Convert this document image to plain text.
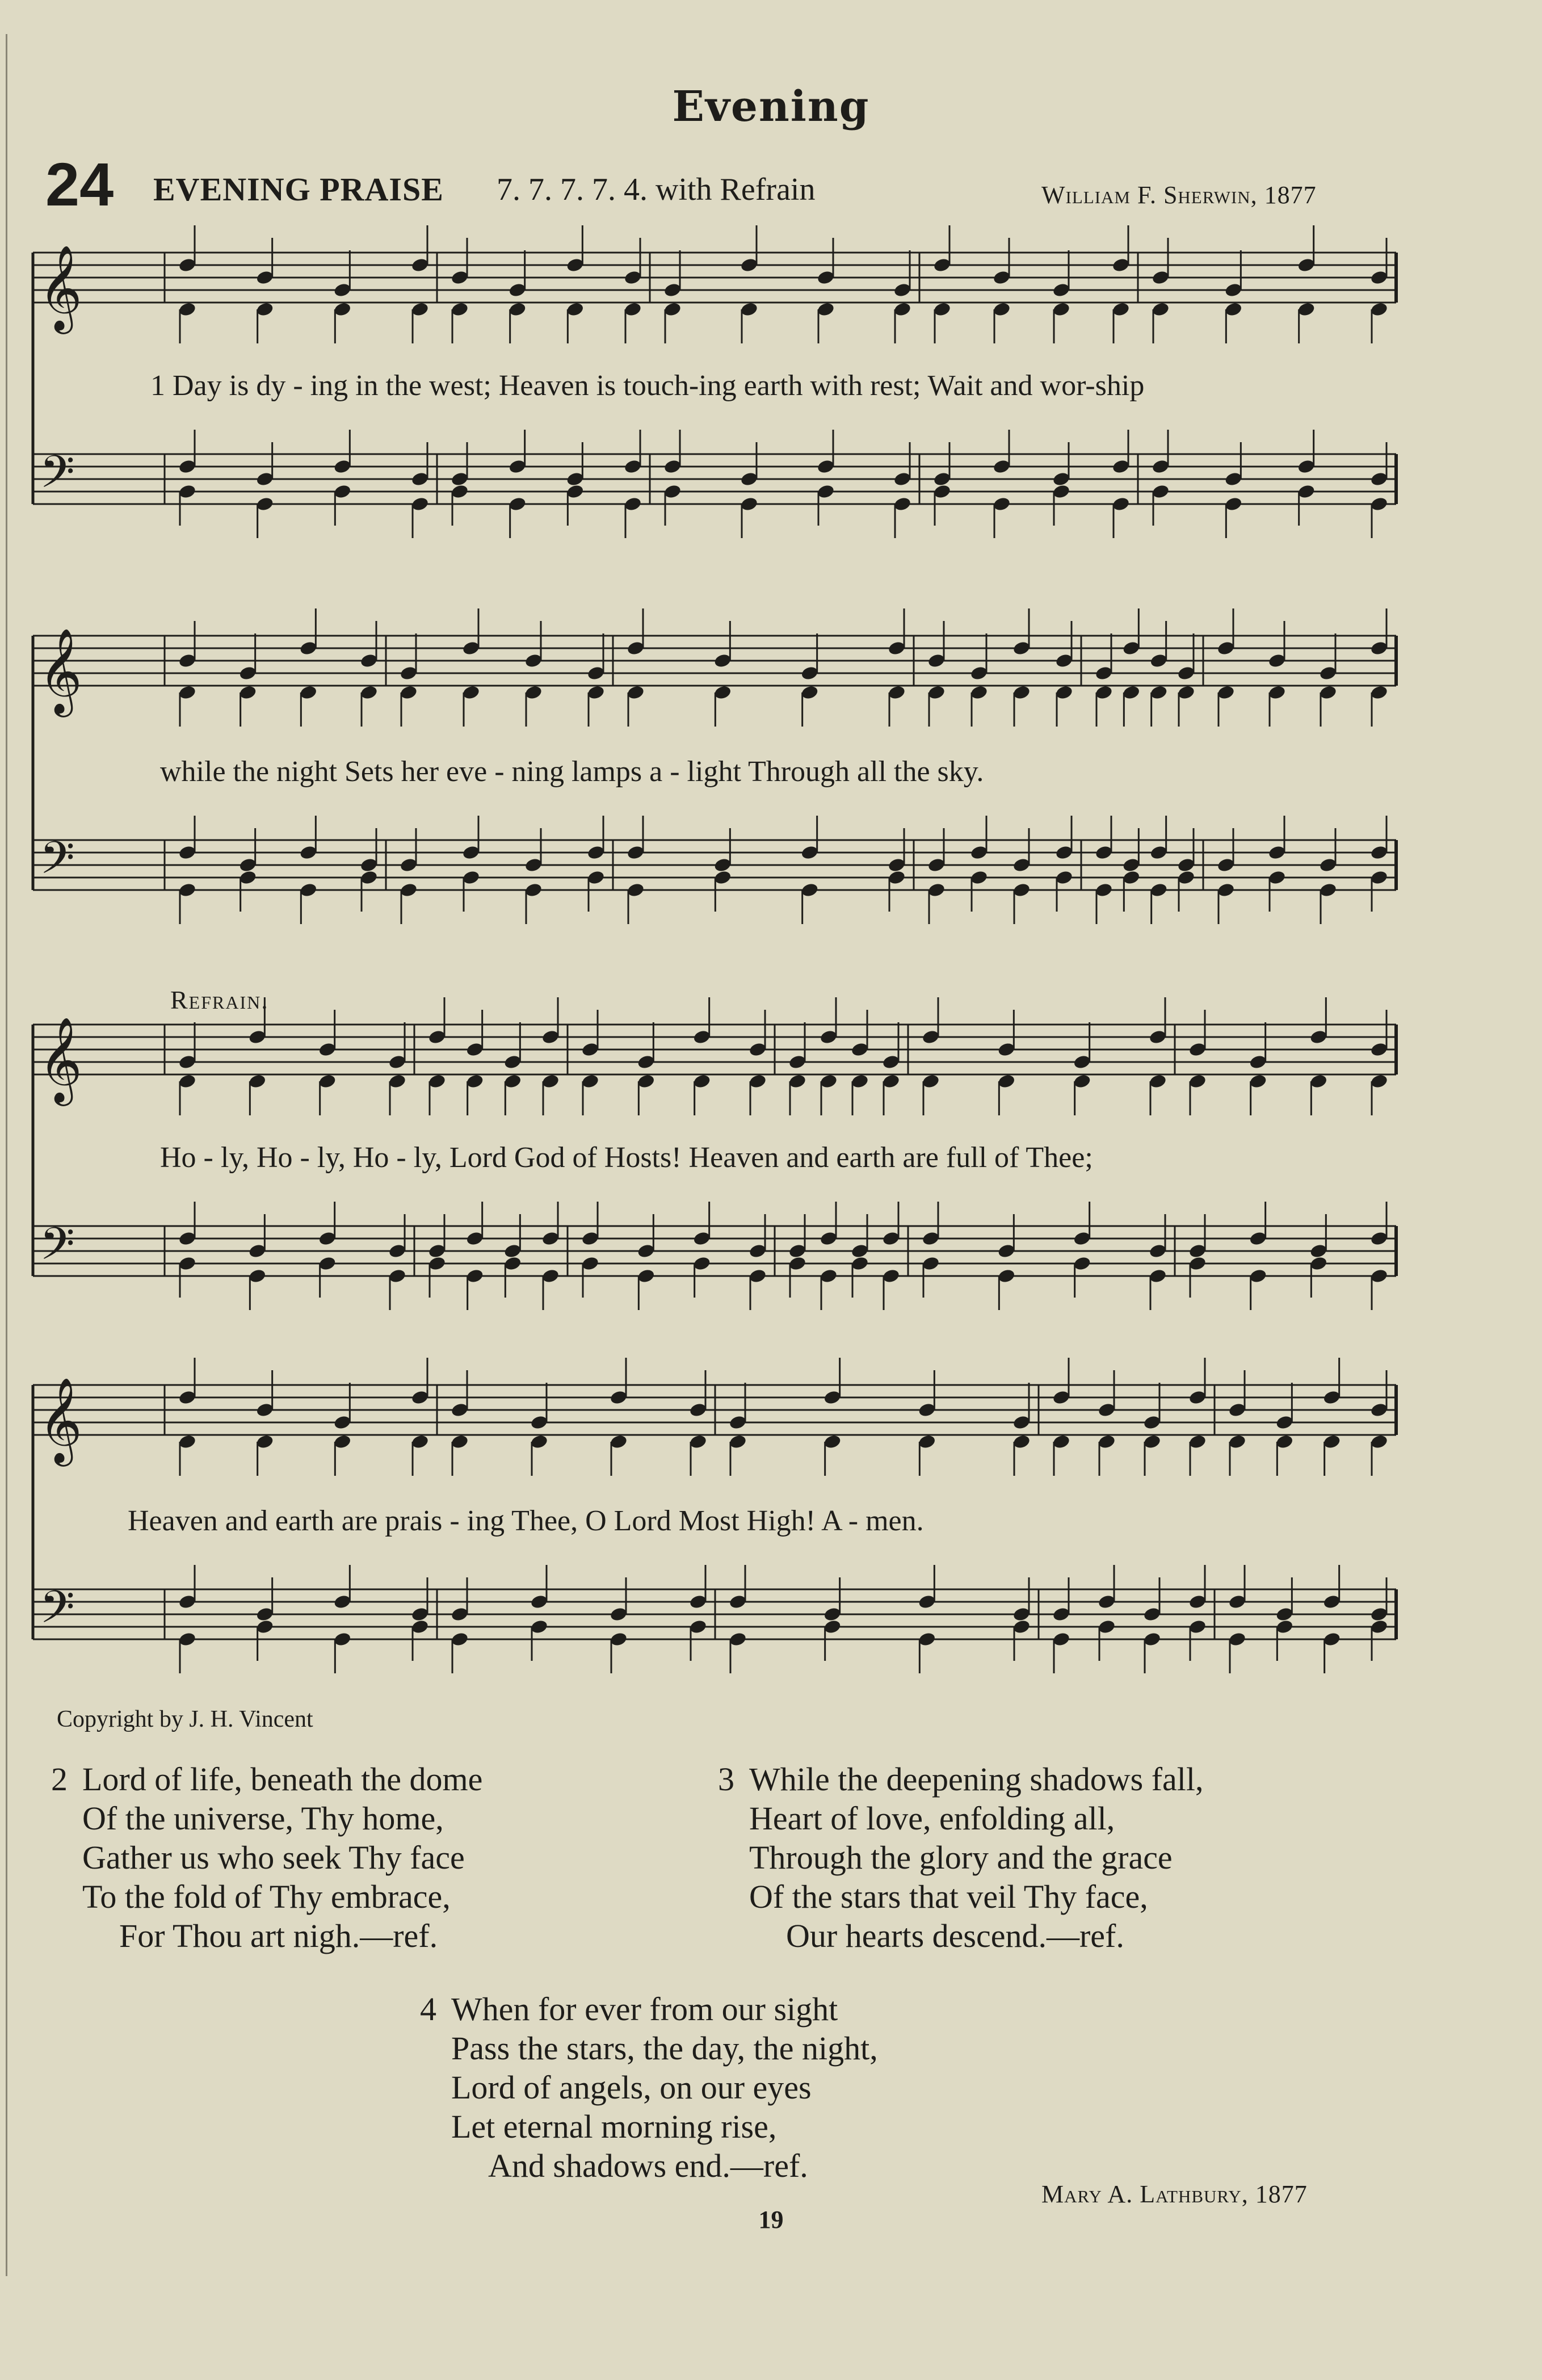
Evening
24 EVENING PRAISE 7. 7. 7. 7. 4. with Refrain	William F. Sherwin, 1877
𝄞
𝄢
𝄞
𝄢
𝄞
𝄢
𝄞
𝄢
1 Day is dy - ing in the west; Heaven is touch-ing earth with rest; Wait and wor-ship
while the night Sets her eve - ning lamps a - light Through all the sky.
Refrain.
Ho - ly, Ho - ly, Ho - ly, Lord God of Hosts! Heaven and earth are full of Thee;
Heaven and earth are prais - ing Thee, O Lord Most High! A - men.
Copyright by J. H. Vincent
2 Lord of life, beneath the dome
Of the universe, Thy home,
Gather us who seek Thy face
To the fold of Thy embrace,
For Thou art nigh.—ref.
3 While the deepening shadows fall,
Heart of love, enfolding all,
Through the glory and the grace
Of the stars that veil Thy face,
Our hearts descend.—ref.
4 When for ever from our sight
Pass the stars, the day, the night,
Lord of angels, on our eyes
Let eternal morning rise,
And shadows end.—ref.
Mary A. Lathbury, 1877
19
